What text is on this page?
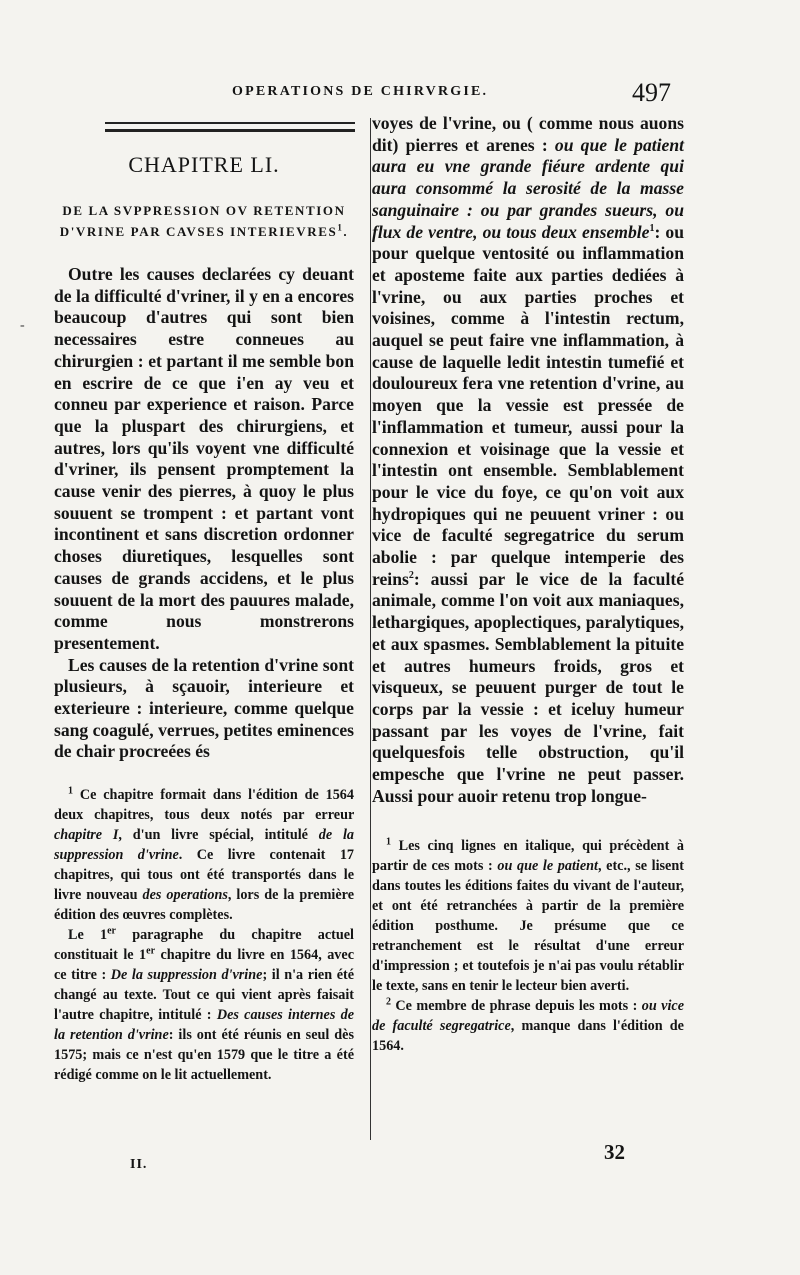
OPERATIONS DE CHIRVRGIE.	497
-
CHAPITRE LI.
DE LA SVPPRESSION OV RETENTION
D'VRINE PAR CAVSES INTERIEVRES$^1$.

Outre les causes declarées cy deuant de la difficulté d'vriner, il y en a encores beaucoup d'autres qui sont bien necessaires estre conneues au chirurgien : et partant il me semble bon en escrire de ce que i'en ay veu et conneu par experience et raison. Parce que la pluspart des chirurgiens, et autres, lors qu'ils voyent vne difficulté d'vriner, ils pensent promptement la cause venir des pierres, à quoy le plus souuent se trompent : et partant vont incontinent et sans discretion ordonner choses diuretiques, lesquelles sont causes de grands accidens, et le plus souuent de la mort des pauures malade, comme nous monstrerons presentement.

Les causes de la retention d'vrine sont plusieurs, à sçauoir, interieure et exterieure : interieure, comme quelque sang coagulé, verrues, petites eminences de chair procreées és

$^1$ Ce chapitre formait dans l'édition de 1564 deux chapitres, tous deux notés par erreur chapitre I, d'un livre spécial, intitulé de la suppression d'vrine. Ce livre contenait 17 chapitres, qui tous ont été transportés dans le livre nouveau des operations, lors de la première édition des œuvres complètes.

Le 1er paragraphe du chapitre actuel constituait le 1er chapitre du livre en 1564, avec ce titre : De la suppression d'vrine; il n'a rien été changé au texte. Tout ce qui vient après faisait l'autre chapitre, intitulé : Des causes internes de la retention d'vrine: ils ont été réunis en seul dès 1575; mais ce n'est qu'en 1579 que le titre a été rédigé comme on le lit actuellement.

voyes de l'vrine, ou ( comme nous auons dit) pierres et arenes : ou que le patient aura eu vne grande fiéure ardente qui aura consommé la serosité de la masse sanguinaire : ou par grandes sueurs, ou flux de ventre, ou tous deux ensemble$^1$: ou pour quelque ventosité ou inflammation et aposteme faite aux parties dediées à l'vrine, ou aux parties proches et voisines, comme à l'intestin rectum, auquel se peut faire vne inflammation, à cause de laquelle ledit intestin tumefié et douloureux fera vne retention d'vrine, au moyen que la vessie est pressée de l'inflammation et tumeur, aussi pour la connexion et voisinage que la vessie et l'intestin ont ensemble. Semblablement pour le vice du foye, ce qu'on voit aux hydropiques qui ne peuuent vriner : ou vice de faculté segregatrice du serum abolie : par quelque intemperie des reins$^2$: aussi par le vice de la faculté animale, comme l'on voit aux maniaques, lethargiques, apoplectiques, paralytiques, et aux spasmes. Semblablement la pituite et autres humeurs froids, gros et visqueux, se peuuent purger de tout le corps par la vessie : et iceluy humeur passant par les voyes de l'vrine, fait quelquesfois telle obstruction, qu'il empesche que l'vrine ne peut passer. Aussi pour auoir retenu trop longue-

$^1$ Les cinq lignes en italique, qui précèdent à partir de ces mots : ou que le patient, etc., se lisent dans toutes les éditions faites du vivant de l'auteur, et ont été retranchées à partir de la première édition posthume. Je présume que ce retranchement est le résultat d'une erreur d'impression ; et toutefois je n'ai pas voulu rétablir le texte, sans en tenir le lecteur bien averti.

$^2$ Ce membre de phrase depuis les mots : ou vice de faculté segregatrice, manque dans l'édition de 1564.

II.
32
